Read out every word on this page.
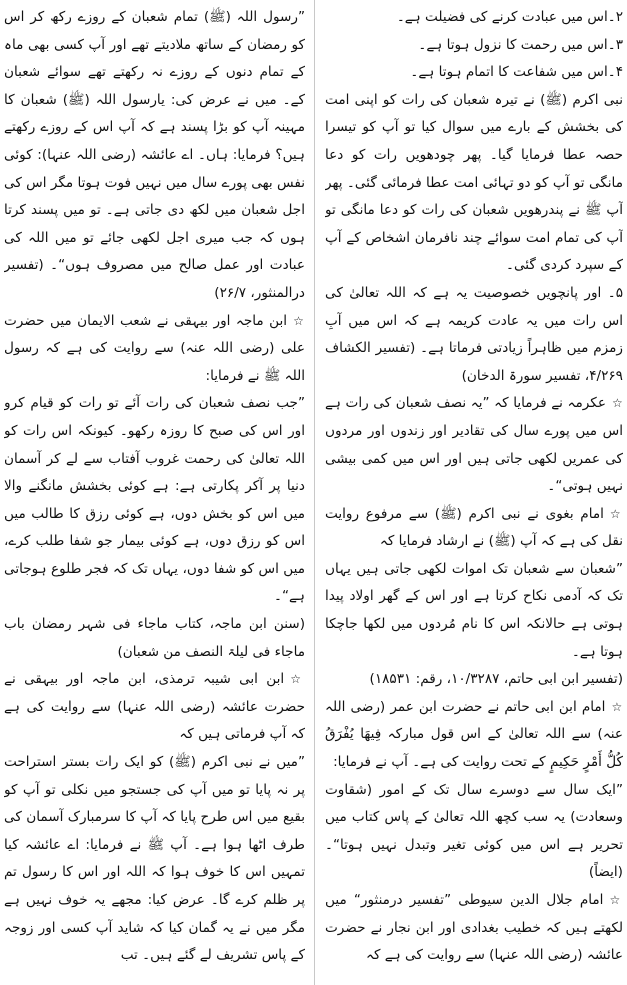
۲۔اس میں عبادت کرنے کی فضیلت ہے۔

۳۔اس میں رحمت کا نزول ہوتا ہے۔

۴۔اس میں شفاعت کا اتمام ہوتا ہے۔

نبی اکرم (ﷺ) نے تیرہ شعبان کی رات کو اپنی امت کی بخشش کے بارے میں سوال کیا تو آپ کو تیسرا حصہ عطا فرمایا گیا۔ پھر چودھویں رات کو دعا مانگی تو آپ کو دو تہائی امت عطا فرمائی گئی۔ پھر آپ ﷺ نے پندرھویں شعبان کی رات کو دعا مانگی تو آپ کی تمام امت سوائے چند نافرمان اشخاص کے آپ کے سپرد کردی گئی۔

۵۔ اور پانچویں خصوصیت یہ ہے کہ اللہ تعالیٰ کی اس رات میں یہ عادت کریمہ ہے کہ اس میں آبِ زمزم میں ظاہراً زیادتی فرماتا ہے۔ (تفسیر الکشاف ۴/۲۶۹، تفسیر سورۃ الدخان)

☆عکرمہ نے فرمایا کہ ”یہ نصف شعبان کی رات ہے اس میں پورے سال کی تقادیر اور زندوں اور مردوں کی عمریں لکھی جاتی ہیں اور اس میں کمی بیشی نہیں ہوتی“۔

☆امام بغوی نے نبی اکرم (ﷺ) سے مرفوع روایت نقل کی ہے کہ آپ (ﷺ) نے ارشاد فرمایا کہ

”شعبان سے شعبان تک اموات لکھی جاتی ہیں یہاں تک کہ آدمی نکاح کرتا ہے اور اس کے گھر اولاد پیدا ہوتی ہے حالانکہ اس کا نام مُردوں میں لکھا جاچکا ہوتا ہے۔

(تفسیر ابن ابی حاتم، ۱۰/۳۲۸۷، رقم: ۱۸۵۳۱)

☆امام ابن ابی حاتم نے حضرت ابن عمر (رضی اللہ عنہ) سے اللہ تعالیٰ کے اس قول مبارکہ فِيهَا يُفْرَقُ كُلُّ أَمْرٍ حَكِيمٍ کے تحت روایت کی ہے۔ آپ نے فرمایا:

”ایک سال سے دوسرے سال تک کے امور (شقاوت وسعادت) یہ سب کچھ اللہ تعالیٰ کے پاس کتاب میں تحریر ہے اس میں کوئی تغیر وتبدل نہیں ہوتا“۔ (ایضاً)

☆امام جلال الدین سیوطی ”تفسیر درمنثور“ میں لکھتے ہیں کہ خطیب بغدادی اور ابن نجار نے حضرت عائشہ (رضی اللہ عنہا) سے روایت کی ہے کہ

”رسول اللہ (ﷺ) تمام شعبان کے روزے رکھ کر اس کو رمضان کے ساتھ ملادیتے تھے اور آپ کسی بھی ماہ کے تمام دنوں کے روزے نہ رکھتے تھے سوائے شعبان کے۔ میں نے عرض کی: یارسول اللہ (ﷺ) شعبان کا مہینہ آپ کو بڑا پسند ہے کہ آپ اس کے روزے رکھتے ہیں؟ فرمایا: ہاں۔ اے عائشہ (رضی اللہ عنہا): کوئی نفس بھی پورے سال میں نہیں فوت ہوتا مگر اس کی اجل شعبان میں لکھ دی جاتی ہے۔ تو میں پسند کرتا ہوں کہ جب میری اجل لکھی جائے تو میں اللہ کی عبادت اور عمل صالح میں مصروف ہوں“۔ (تفسیر درالمنثور، ۲۶/۷)

☆ابن ماجہ اور بیہقی نے شعب الایمان میں حضرت علی (رضی اللہ عنہ) سے روایت کی ہے کہ رسول اللہ ﷺ نے فرمایا:

”جب نصف شعبان کی رات آئے تو رات کو قیام کرو اور اس کی صبح کا روزہ رکھو۔ کیونکہ اس رات کو اللہ تعالیٰ کی رحمت غروب آفتاب سے لے کر آسمان دنیا پر آکر پکارتی ہے: ہے کوئی بخشش مانگنے والا میں اس کو بخش دوں، ہے کوئی رزق کا طالب میں اس کو رزق دوں، ہے کوئی بیمار جو شفا طلب کرے، میں اس کو شفا دوں، یہاں تک کہ فجر طلوع ہوجاتی ہے“۔

(سنن ابن ماجہ، کتاب ماجاء فی شہر رمضان باب ماجاء فی لیلۃ النصف من شعبان)

☆ابن ابی شیبہ ترمذی، ابن ماجہ اور بیہقی نے حضرت عائشہ (رضی اللہ عنہا) سے روایت کی ہے کہ آپ فرماتی ہیں کہ

”میں نے نبی اکرم (ﷺ) کو ایک رات بستر استراحت پر نہ پایا تو میں آپ کی جستجو میں نکلی تو آپ کو بقیع میں اس طرح پایا کہ آپ کا سرمبارک آسمان کی طرف اٹھا ہوا ہے۔ آپ ﷺ نے فرمایا: اے عائشہ کیا تمہیں اس کا خوف ہوا کہ اللہ اور اس کا رسول تم پر ظلم کرے گا۔ عرض کیا: مجھے یہ خوف نہیں ہے مگر میں نے یہ گمان کیا کہ شاید آپ کسی اور زوجہ کے پاس تشریف لے گئے ہیں۔ تب
